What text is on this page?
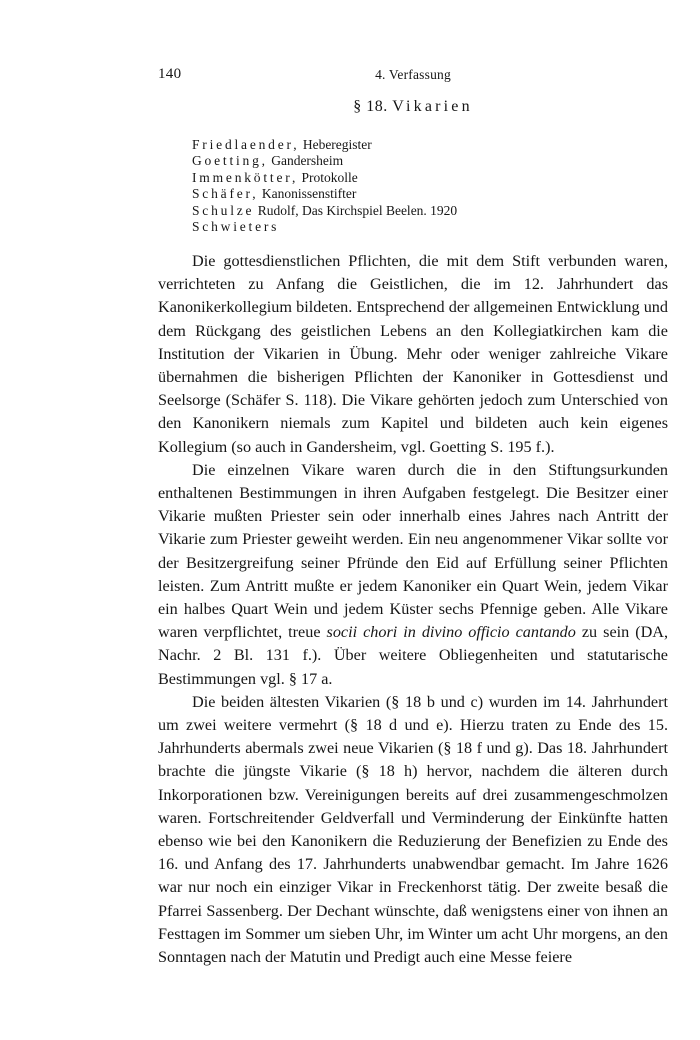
140	4. Verfassung
§ 18. Vikarien
Friedlaender, Heberegister
Goetting, Gandersheim
Immenkötter, Protokolle
Schäfer, Kanonissenstifter
Schulze Rudolf, Das Kirchspiel Beelen. 1920
Schwieters

Die gottesdienstlichen Pflichten, die mit dem Stift verbunden waren, verrichteten zu Anfang die Geistlichen, die im 12. Jahrhundert das Kanonikerkollegium bildeten. Entsprechend der allgemeinen Entwicklung und dem Rückgang des geistlichen Lebens an den Kollegiatkirchen kam die Institution der Vikarien in Übung. Mehr oder weniger zahlreiche Vikare übernahmen die bisherigen Pflichten der Kanoniker in Gottesdienst und Seelsorge (Schäfer S. 118). Die Vikare gehörten jedoch zum Unterschied von den Kanonikern niemals zum Kapitel und bildeten auch kein eigenes Kollegium (so auch in Gandersheim, vgl. Goetting S. 195 f.).

Die einzelnen Vikare waren durch die in den Stiftungsurkunden enthaltenen Bestimmungen in ihren Aufgaben festgelegt. Die Besitzer einer Vikarie mußten Priester sein oder innerhalb eines Jahres nach Antritt der Vikarie zum Priester geweiht werden. Ein neu angenommener Vikar sollte vor der Besitzergreifung seiner Pfründe den Eid auf Erfüllung seiner Pflichten leisten. Zum Antritt mußte er jedem Kanoniker ein Quart Wein, jedem Vikar ein halbes Quart Wein und jedem Küster sechs Pfennige geben. Alle Vikare waren verpflichtet, treue socii chori in divino officio cantando zu sein (DA, Nachr. 2 Bl. 131 f.). Über weitere Obliegenheiten und statutarische Bestimmungen vgl. § 17 a.

Die beiden ältesten Vikarien (§ 18 b und c) wurden im 14. Jahrhundert um zwei weitere vermehrt (§ 18 d und e). Hierzu traten zu Ende des 15. Jahrhunderts abermals zwei neue Vikarien (§ 18 f und g). Das 18. Jahrhundert brachte die jüngste Vikarie (§ 18 h) hervor, nachdem die älteren durch Inkorporationen bzw. Vereinigungen bereits auf drei zusammengeschmolzen waren. Fortschreitender Geldverfall und Verminderung der Einkünfte hatten ebenso wie bei den Kanonikern die Reduzierung der Benefizien zu Ende des 16. und Anfang des 17. Jahrhunderts unabwendbar gemacht. Im Jahre 1626 war nur noch ein einziger Vikar in Freckenhorst tätig. Der zweite besaß die Pfarrei Sassenberg. Der Dechant wünschte, daß wenigstens einer von ihnen an Festtagen im Sommer um sieben Uhr, im Winter um acht Uhr morgens, an den Sonntagen nach der Matutin und Predigt auch eine Messe feiere
